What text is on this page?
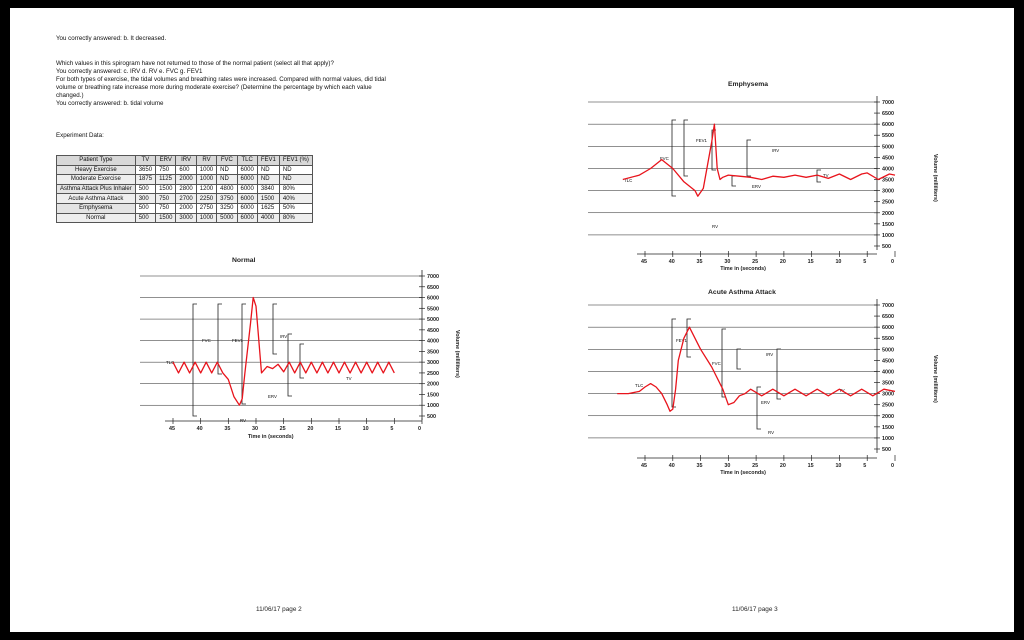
You correctly answered: b. It decreased.
Which values in this spirogram have not returned to those of the normal patient (select all that apply)?
You correctly answered: c. IRV d. RV e. FVC g. FEV1
For both types of exercise, the tidal volumes and breathing rates were increased. Compared with normal values, did tidal
volume or breathing rate increase more during moderate exercise? (Determine the percentage by which each value
changed.)
You correctly answered: b. tidal volume
Experiment Data:
Patient Type	TV	ERV	IRV	RV	FVC	TLC	FEV1	FEV1 (%)
Heavy Exercise	3650	750	600	1000	ND	6000	ND	ND
Moderate Exercise	1875	1125	2000	1000	ND	6000	ND	ND
Asthma Attack Plus Inhaler	500	1500	2800	1200	4800	6000	3840	80%
Acute Asthma Attack	300	750	2700	2250	3750	6000	1500	40%
Emphysema	500	750	2000	2750	3250	6000	1625	50%
Normal	500	1500	3000	1000	5000	6000	4000	80%
Normal
500
1000
1500
2000
2500
3000
3500
4000
4500
5000
5500
6000
6500
7000
Volume (milliliters)
45	40	35	30	25	20	15	10	5	0
Time in (seconds)
FVC	FEV1
IRV
TLC
ERV
RV
TV
11/06/17 page 2
Emphysema
500
1000
1500
2000
2500
3000
3500
4000
4500
5000
5500
6000
6500
7000
Volume (milliliters)
45	40	35	30	25	20	15	10	5	0
Time in (seconds)
FEV1
FVC
IRV
TLC
ERV
TV
RV
Acute Asthma Attack
500
1000
1500
2000
2500
3000
3500
4000
4500
5000
5500
6000
6500
7000
Volume (milliliters)
45	40	35	30	25	20	15	10	5	0
Time in (seconds)
FEV1
IRV
FVC
TLC
ERV
RV
TV
11/06/17 page 3
